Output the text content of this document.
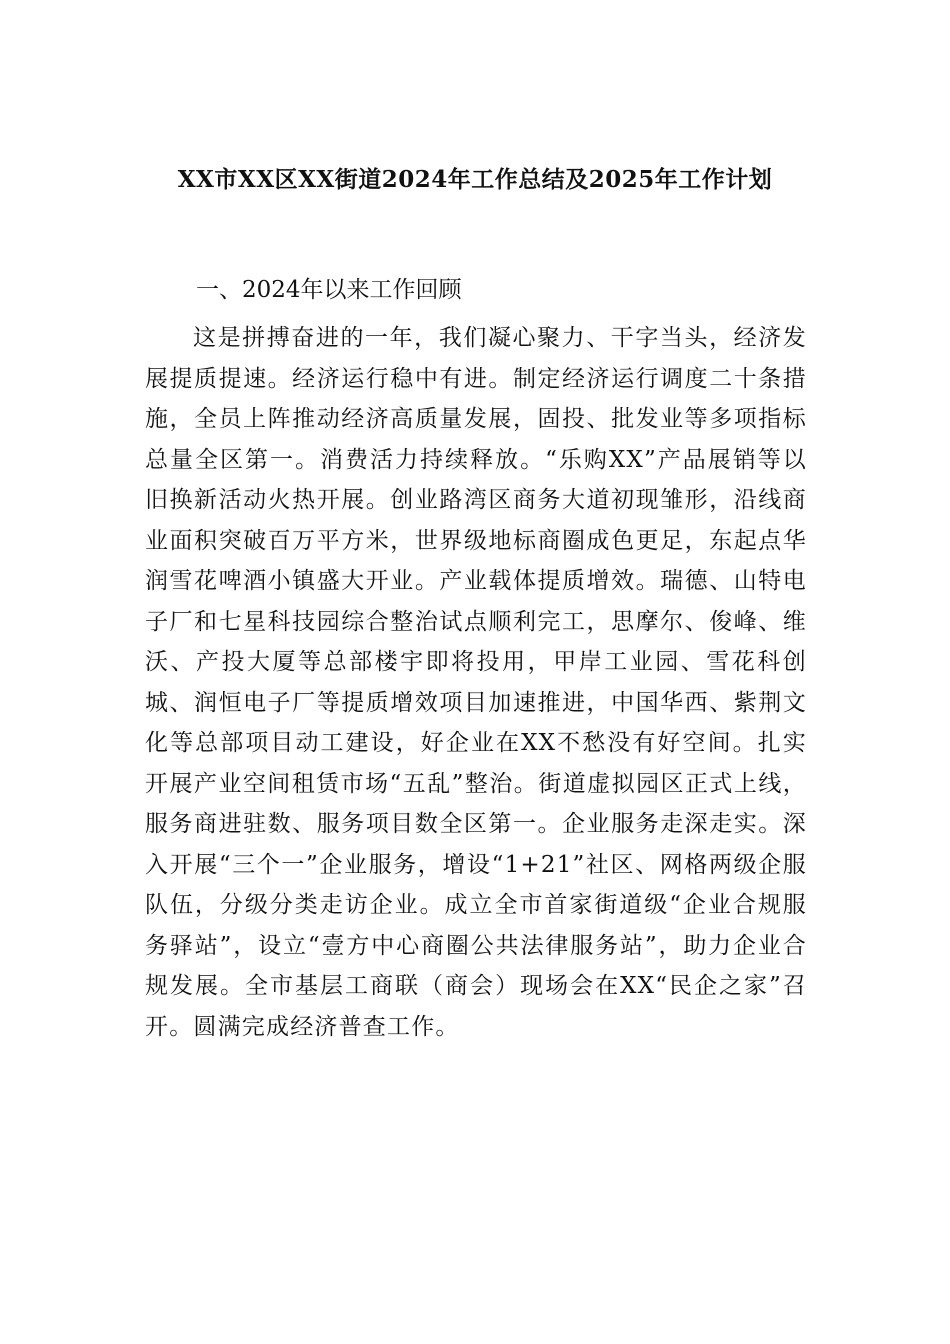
XX市XX区XX街道2024年工作总结及2025年工作计划

一、2024年以来工作回顾

这是拼搏奋进的一年，我们凝心聚力、干字当头，经济发展提质提速。经济运行稳中有进。制定经济运行调度二十条措施，全员上阵推动经济高质量发展，固投、批发业等多项指标总量全区第一。消费活力持续释放。“乐购XX”产品展销等以旧换新活动火热开展。创业路湾区商务大道初现雏形，沿线商业面积突破百万平方米，世界级地标商圈成色更足，东起点华润雪花啤酒小镇盛大开业。产业载体提质增效。瑞德、山特电子厂和七星科技园综合整治试点顺利完工，思摩尔、俊峰、维沃、产投大厦等总部楼宇即将投用，甲岸工业园、雪花科创城、润恒电子厂等提质增效项目加速推进，中国华西、紫荆文化等总部项目动工建设，好企业在XX不愁没有好空间。扎实开展产业空间租赁市场“五乱”整治。街道虚拟园区正式上线，服务商进驻数、服务项目数全区第一。企业服务走深走实。深入开展“三个一”企业服务，增设“1+21”社区、网格两级企服队伍，分级分类走访企业。成立全市首家街道级“企业合规服务驿站”，设立“壹方中心商圈公共法律服务站”，助力企业合规发展。全市基层工商联（商会）现场会在XX“民企之家”召开。圆满完成经济普查工作。
